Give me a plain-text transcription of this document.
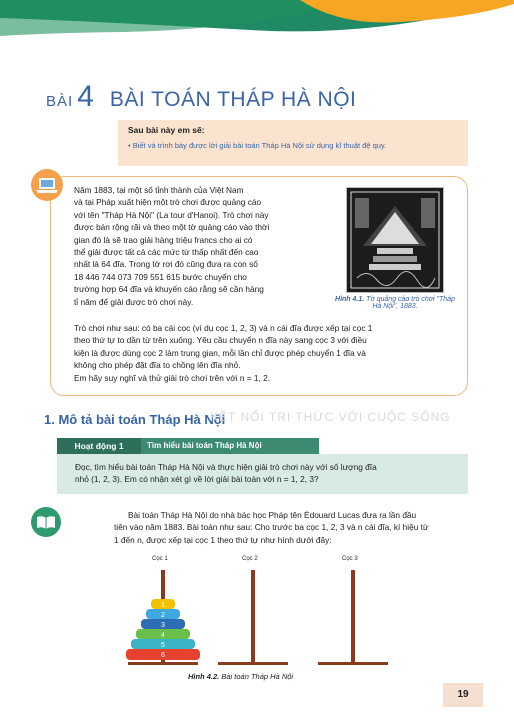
BÀI 4 BÀI TOÁN THÁP HÀ NỘI
Sau bài này em sẽ:
• Biết và trình bày được lời giải bài toán Tháp Hà Nội sử dụng kĩ thuật đệ quy.
Năm 1883, tại một số tỉnh thành của Việt Nam
và tại Pháp xuất hiện một trò chơi được quảng cáo
với tên "Tháp Hà Nội" (La tour d'Hanoi). Trò chơi này
được bán rộng rãi và theo một tờ quảng cáo vào thời
gian đó là sẽ trao giải hàng triệu francs cho ai có
thể giải được tất cả các mức từ thấp nhất đến cao
nhất là 64 đĩa. Trong tờ rơi đó cũng đưa ra con số
18 446 744 073 709 551 615 bước chuyển cho
trường hợp 64 đĩa và khuyến cáo rằng sẽ cần hàng
tỉ năm để giải được trò chơi này.	Hình 4.1. Tờ quảng cáo trò chơi "Tháp Hà Nội", 1883.
Trò chơi như sau: có ba cái cọc (ví dụ cọc 1, 2, 3) và n cái đĩa được xếp tại cọc 1
theo thứ tự to dần từ trên xuống. Yêu cầu chuyển n đĩa này sang cọc 3 với điều
kiện là được dùng cọc 2 làm trung gian, mỗi lần chỉ được phép chuyển 1 đĩa và
không cho phép đặt đĩa to chồng lên đĩa nhỏ.
Em hãy suy nghĩ và thử giải trò chơi trên với n = 1, 2.
1. Mô tả bài toán Tháp Hà Nội
KẾT NỐI TRI THỨC VỚI CUỘC SỐNG
Hoạt động 1	Tìm hiểu bài toán Tháp Hà Nội
Đọc, tìm hiểu bài toán Tháp Hà Nội và thực hiện giải trò chơi này với số lượng đĩa
nhỏ (1, 2, 3). Em có nhận xét gì về lời giải bài toán với n = 1, 2, 3?
Bài toán Tháp Hà Nội do nhà bác học Pháp tên Édouard Lucas đưa ra lần đầu
tiên vào năm 1883. Bài toán như sau: Cho trước ba cọc 1, 2, 3 và n cái đĩa, kí hiệu từ
1 đến n, được xếp tại cọc 1 theo thứ tự như hình dưới đây:
Cọc 1	Cọc 2	Cọc 3
1
2
3
4
5
6
Hình 4.2. Bài toán Tháp Hà Nội
19
